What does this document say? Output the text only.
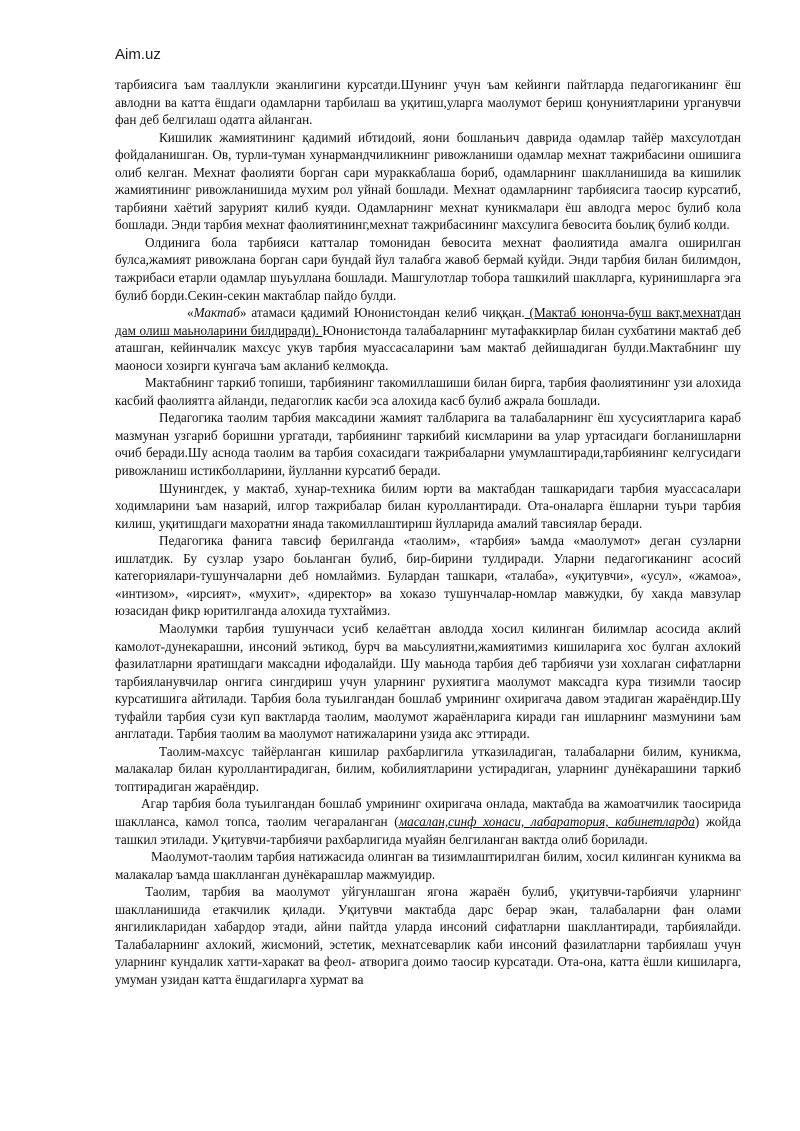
Aim.uz

тарбиясига ъам тааллукли эканлигини курсатди.Шунинг учун ъам кейинги пайтларда педагогиканинг ёш авлодни ва катта ёшдаги одамларни тарбилаш ва уқитиш,уларга маолумот бериш қонуниятларини урганувчи фан деб белгилаш одатга айланган.

Кишилик жамиятининг қадимий ибтидоий, яони бошланьич даврида одамлар тайёр махсулотдан фойдаланишган. Ов, турли-туман хунармандчиликнинг ривожланиши одамлар мехнат тажрибасини ошишига олиб келган. Мехнат фаолияти борган сари мураккаблаша бориб, одамларнинг шаклланишида ва кишилик жамиятининг ривожланишида мухим рол уйнай бошлади. Мехнат одамларнинг тарбиясига таосир курсатиб, тарбияни хаётий зарурият килиб куяди. Одамларнинг мехнат куникмалари ёш авлодга мерос булиб кола бошлади. Энди тарбия мехнат фаолиятининг,мехнат тажрибасининг махсулига бевосита боьлиқ булиб колди.

Олдинига бола тарбияси катталар томонидан бевосита мехнат фаолиятида амалга оширилган булса,жамият ривожлана борган сари бундай йул талабга жавоб бермай куйди. Энди тарбия билан билимдон, тажрибаси етарли одамлар шуьуллана бошлади. Машгулотлар тобора ташкилий шаклларга, куринишларга эга булиб борди.Секин-секин мактаблар пайдо булди.

«Мактаб» атамаси қадимий Юнонистондан келиб чиққан. (Мактаб юнонча-буш вакт,мехнатдан дам олиш маьноларини билдиради). Юнонистонда талабаларнинг мутафаккирлар билан сухбатини мактаб деб аташган, кейинчалик махсус укув тарбия муассасаларини ъам мактаб дейишадиган булди.Мактабнинг шу маоноси хозирги кунгача ъам акланиб келмоқда.

Мактабнинг таркиб топиши, тарбиянинг такомиллашиши билан бирга, тарбия фаолиятининг узи алохида касбий фаолиятга айланди, педагоглик касби эса алохида касб булиб ажрала бошлади.

Педагогика таолим тарбия максадини жамият талбларига ва талабаларнинг ёш хусусиятларига караб мазмунан узгариб боришни ургатади, тарбиянинг таркибий кисмларини ва улар уртасидаги богланишларни очиб беради.Шу аснода таолим ва тарбия сохасидаги тажрибаларни умумлаштиради,тарбиянинг келгусидаги ривожланиш истикболларини, йулланни курсатиб беради.

Шунингдек, у мактаб, хунар-техника билим юрти ва мактабдан ташкаридаги тарбия муассасалари ходимларини ъам назарий, илгор тажрибалар билан куроллантиради. Ота-оналарга ёшларни туьри тарбия килиш, уқитишдаги махоратни янада такомиллаштириш йулларида амалий тавсиялар беради.

Педагогика фанига тавсиф берилганда «таолим», «тарбия» ъамда «маолумот» деган сузларни ишлатдик. Бу сузлар узаро боьланган булиб, бир-бирини тулдиради. Уларни педагогиканинг асосий категориялари-тушунчаларни деб номлаймиз. Булардан ташкари, «талаба», «уқитувчи», «усул», «жамоа», «интизом», «ирсият», «мухит», «директор» ва хоказо тушунчалар-номлар мавжудки, бу хакда мавзулар юзасидан фикр юритилганда алохида тухтаймиз.

Маолумки тарбия тушунчаси усиб келаётган авлодда хосил килинган билимлар асосида аклий камолот-дунекарашни, инсоний эьтикод, бурч ва маьсулиятни,жамиятимиз кишиларига хос булган ахлокий фазилатларни яратишдаги максадни ифодалайди. Шу маьнода тарбия деб тарбиячи узи хохлаган сифатларни тарбияланувчилар онгига сингдириш учун уларнинг рухиятига маолумот максадга кура тизимли таосир курсатишига айтилади. Тарбия бола туьилгандан бошлаб умрининг охиригача давом этадиган жараёндир.Шу туфайли тарбия сузи куп вактларда таолим, маолумот жараёнларига киради ган ишларнинг мазмунини ъам англатади. Тарбия таолим ва маолумот натижаларини узида акс эттиради.

Таолим-махсус тайёрланган кишилар рахбарлигила утказиладиган, талабаларни билим, куникма, малакалар билан куроллантирадиган, билим, кобилиятларини устирадиган, уларнинг дунёкарашини таркиб топтирадиган жараёндир.

Агар тарбия бола туьилгандан бошлаб умрининг охиригача онлада, мактабда ва жамоатчилик таосирида шаклланса, камол топса, таолим чегараланган (масалан,синф хонаси, лабаратория, кабинетларда) жойда ташкил этилади. Уқитувчи-тарбиячи рахбарлигида муайян белгиланган вактда олиб борилади.

Маолумот-таолим тарбия натижасида олинган ва тизимлаштирилган билим, хосил килинган куникма ва малакалар ъамда шаклланган дунёкарашлар мажмуидир.

Таолим, тарбия ва маолумот уйгунлашган ягона жараён булиб, уқитувчи-тарбиячи уларнинг шаклланишида етакчилик қилади. Уқитувчи мактабда дарс берар экан, талабаларни фан олами янгиликларидан хабардор этади, айни пайтда уларда инсоний сифатларни шакллантиради, тарбиялайди. Талабаларнинг ахлокий, жисмоний, эстетик, мехнатсеварлик каби инсоний фазилатларни тарбиялаш учун уларнинг кундалик хатти-харакат ва феол- атворига доимо таосир курсатади. Ота-она, катта ёшли кишиларга, умуман узидан катта ёшдагиларга хурмат ва
